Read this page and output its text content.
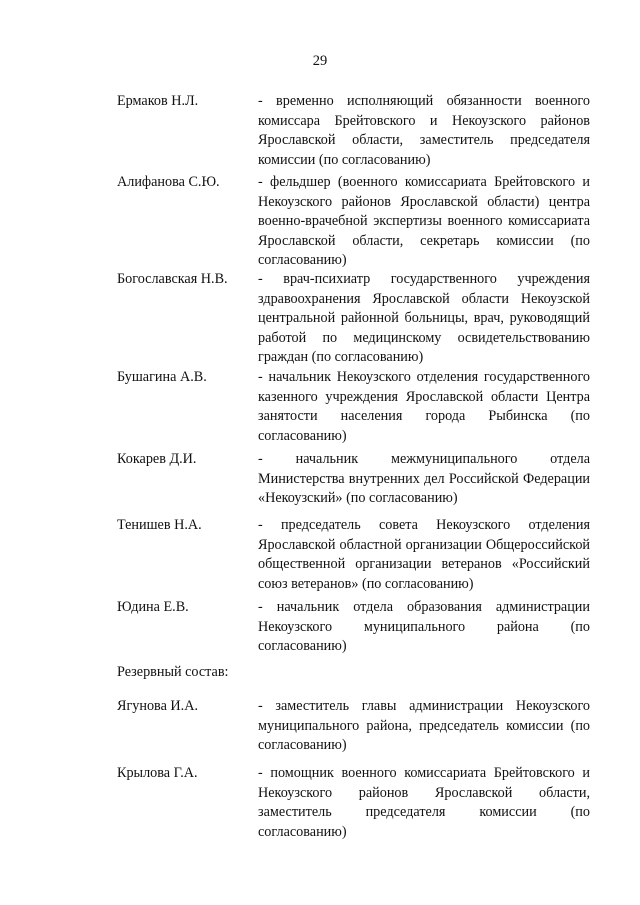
29
Ермаков Н.Л.	- временно исполняющий обязанности военного комиссара Брейтовского и Некоузского районов Ярославской области, заместитель председателя комиссии (по согласованию)
Алифанова С.Ю.	- фельдшер (военного комиссариата Брейтовского и Некоузского районов Ярославской области) центра военно-врачебной экспертизы военного комиссариата Ярославской области, секретарь комиссии (по согласованию)
Богославская Н.В. - врач-психиатр государственного учреждения здравоохранения Ярославской области Некоузской центральной районной больницы, врач, руководящий работой по медицинскому освидетельствованию граждан (по согласованию)
Бушагина А.В.	- начальник Некоузского отделения государственного казенного учреждения Ярославской области Центра занятости населения города Рыбинска (по согласованию)
Кокарев Д.И.	- начальник межмуниципального отдела Министерства внутренних дел Российской Федерации «Некоузский» (по согласованию)
Тенишев Н.А.	- председатель совета Некоузского отделения Ярославской областной организации Общероссийской общественной организации ветеранов «Российский союз ветеранов» (по согласованию)
Юдина Е.В.	- начальник отдела образования администрации Некоузского муниципального района (по согласованию)
Резервный состав:
Ягунова И.А.	- заместитель главы администрации Некоузского муниципального района, председатель комиссии (по согласованию)
Крылова Г.А.	- помощник военного комиссариата Брейтовского и Некоузского районов Ярославской области, заместитель председателя комиссии (по согласованию)
